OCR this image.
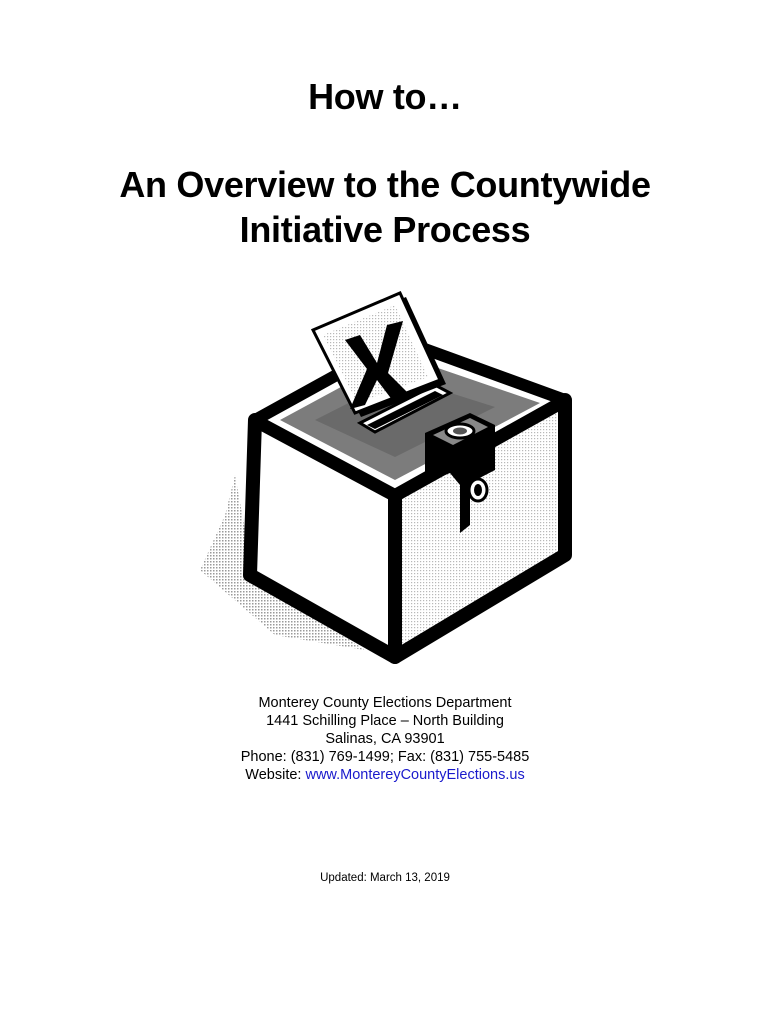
How to…
An Overview to the Countywide
Initiative Process
Monterey County Elections Department
1441 Schilling Place – North Building
Salinas, CA 93901
Phone: (831) 769-1499; Fax: (831) 755-5485
Website: www.MontereyCountyElections.us
Updated: March 13, 2019
